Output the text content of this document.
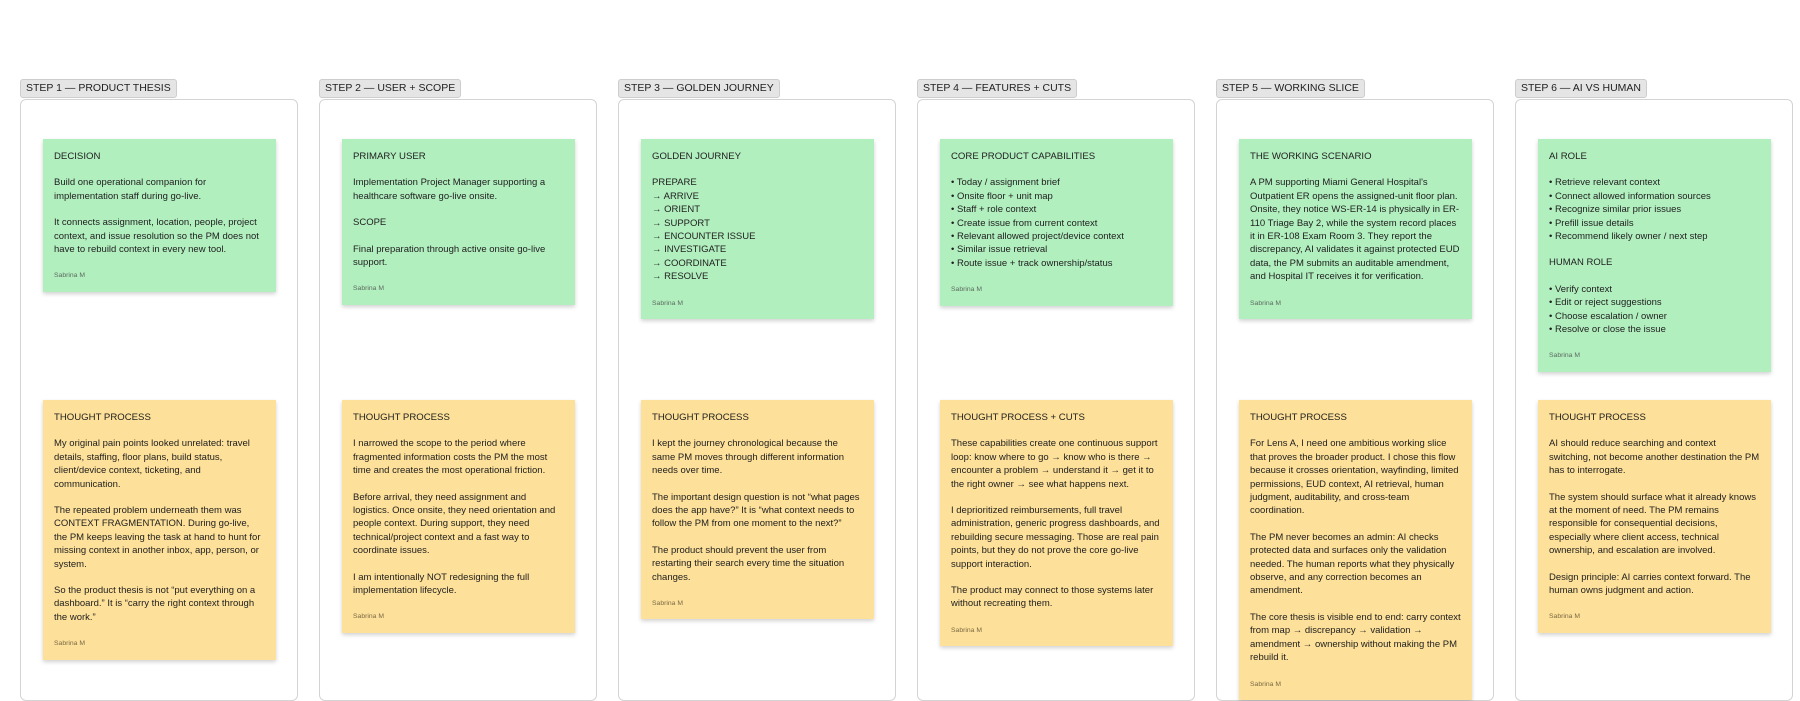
STEP 1 — PRODUCT THESIS
DECISION

Build one operational companion for implementation staff during go-live.

It connects assignment, location, people, project context, and issue resolution so the PM does not have to rebuild context in every new tool.

Sabrina M
THOUGHT PROCESS

My original pain points looked unrelated: travel details, staffing, floor plans, build status, client/device context, ticketing, and communication.

The repeated problem underneath them was CONTEXT FRAGMENTATION. During go-live, the PM keeps leaving the task at hand to hunt for missing context in another inbox, app, person, or system.

So the product thesis is not “put everything on a dashboard.” It is “carry the right context through the work.”

Sabrina M
STEP 2 — USER + SCOPE
PRIMARY USER

Implementation Project Manager supporting a healthcare software go-live onsite.

SCOPE

Final preparation through active onsite go-live support.

Sabrina M
THOUGHT PROCESS

I narrowed the scope to the period where fragmented information costs the PM the most time and creates the most operational friction.

Before arrival, they need assignment and logistics. Once onsite, they need orientation and people context. During support, they need technical/project context and a fast way to coordinate issues.

I am intentionally NOT redesigning the full implementation lifecycle.

Sabrina M
STEP 3 — GOLDEN JOURNEY
GOLDEN JOURNEY
PREPARE
→ ARRIVE
→ ORIENT
→ SUPPORT
→ ENCOUNTER ISSUE
→ INVESTIGATE
→ COORDINATE
→ RESOLVE
Sabrina M
THOUGHT PROCESS

I kept the journey chronological because the same PM moves through different information needs over time.

The important design question is not “what pages does the app have?” It is “what context needs to follow the PM from one moment to the next?”

The product should prevent the user from restarting their search every time the situation changes.

Sabrina M
STEP 4 — FEATURES + CUTS
CORE PRODUCT CAPABILITIES
• Today / assignment brief
• Onsite floor + unit map
• Staff + role context
• Create issue from current context
• Relevant allowed project/device context
• Similar issue retrieval
• Route issue + track ownership/status
Sabrina M
THOUGHT PROCESS + CUTS

These capabilities create one continuous support loop: know where to go → know who is there → encounter a problem → understand it → get it to the right owner → see what happens next.

I deprioritized reimbursements, full travel administration, generic progress dashboards, and rebuilding secure messaging. Those are real pain points, but they do not prove the core go-live support interaction.

The product may connect to those systems later without recreating them.

Sabrina M
STEP 5 — WORKING SLICE
THE WORKING SCENARIO

A PM supporting Miami General Hospital's Outpatient ER opens the assigned-unit floor plan. Onsite, they notice WS-ER-14 is physically in ER-110 Triage Bay 2, while the system record places it in ER-108 Exam Room 3. They report the discrepancy, AI validates it against protected EUD data, the PM submits an auditable amendment, and Hospital IT receives it for verification.

Sabrina M
THOUGHT PROCESS

For Lens A, I need one ambitious working slice that proves the broader product. I chose this flow because it crosses orientation, wayfinding, limited permissions, EUD context, AI retrieval, human judgment, auditability, and cross-team coordination.

The PM never becomes an admin: AI checks protected data and surfaces only the validation needed. The human reports what they physically observe, and any correction becomes an amendment.

The core thesis is visible end to end: carry context from map → discrepancy → validation → amendment → ownership without making the PM rebuild it.

Sabrina M
STEP 6 — AI VS HUMAN
AI ROLE
• Retrieve relevant context
• Connect allowed information sources
• Recognize similar prior issues
• Prefill issue details
• Recommend likely owner / next step
HUMAN ROLE
• Verify context
• Edit or reject suggestions
• Choose escalation / owner
• Resolve or close the issue
Sabrina M
THOUGHT PROCESS

AI should reduce searching and context switching, not become another destination the PM has to interrogate.

The system should surface what it already knows at the moment of need. The PM remains responsible for consequential decisions, especially where client access, technical ownership, and escalation are involved.

Design principle: AI carries context forward. The human owns judgment and action.

Sabrina M
